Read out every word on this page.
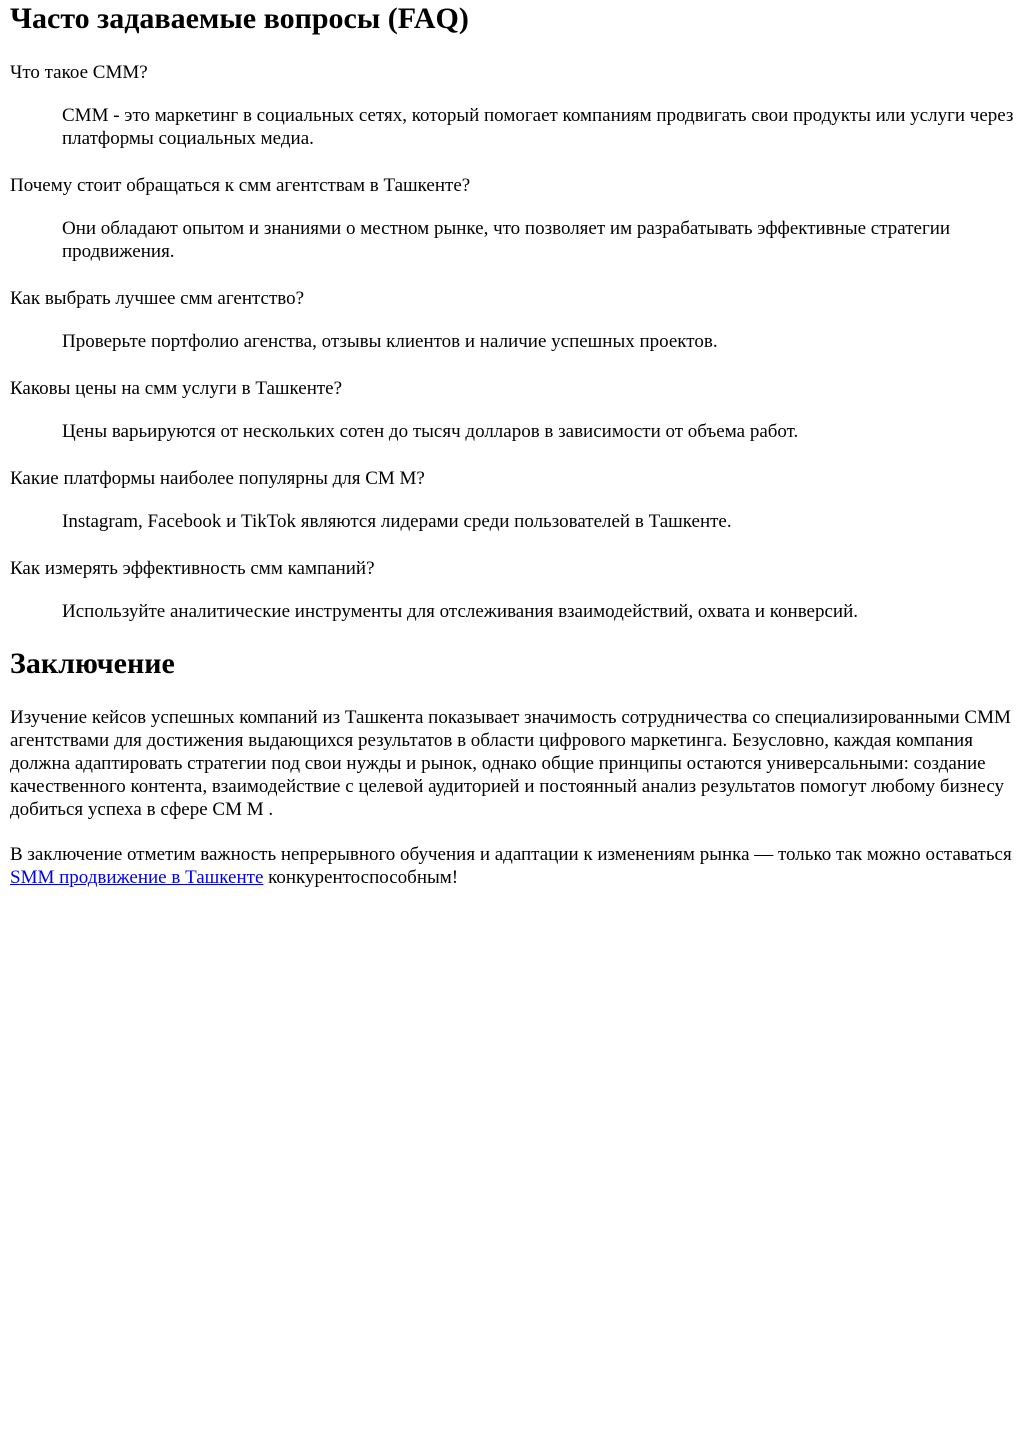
Часто задаваемые вопросы (FAQ)
Что такое СММ?
СММ - это маркетинг в социальных сетях, который помогает компаниям продвигать свои продукты или услуги через платформы социальных медиа.
Почему стоит обращаться к смм агентствам в Ташкенте?
Они обладают опытом и знаниями о местном рынке, что позволяет им разрабатывать эффективные стратегии продвижения.
Как выбрать лучшее смм агентство?
Проверьте портфолио агенства, отзывы клиентов и наличие успешных проектов.
Каковы цены на смм услуги в Ташкенте?
Цены варьируются от нескольких сотен до тысяч долларов в зависимости от объема работ.
Какие платформы наиболее популярны для СМ М?
Instagram, Facebook и TikTok являются лидерами среди пользователей в Ташкенте.
Как измерять эффективность смм кампаний?
Используйте аналитические инструменты для отслеживания взаимодействий, охвата и конверсий.
Заключение

Изучение кейсов успешных компаний из Ташкента показывает значимость сотрудничества со специализированными СММ агентствами для достижения выдающихся результатов в области цифрового маркетинга. Безусловно, каждая компания должна адаптировать стратегии под свои нужды и рынок, однако общие принципы остаются универсальными: создание качественного контента, взаимодействие с целевой аудиторией и постоянный анализ результатов помогут любому бизнесу добиться успеха в сфере СМ М .

В заключение отметим важность непрерывного обучения и адаптации к изменениям рынка — только так можно оставаться SMM продвижение в Ташкенте конкурентоспособным!
